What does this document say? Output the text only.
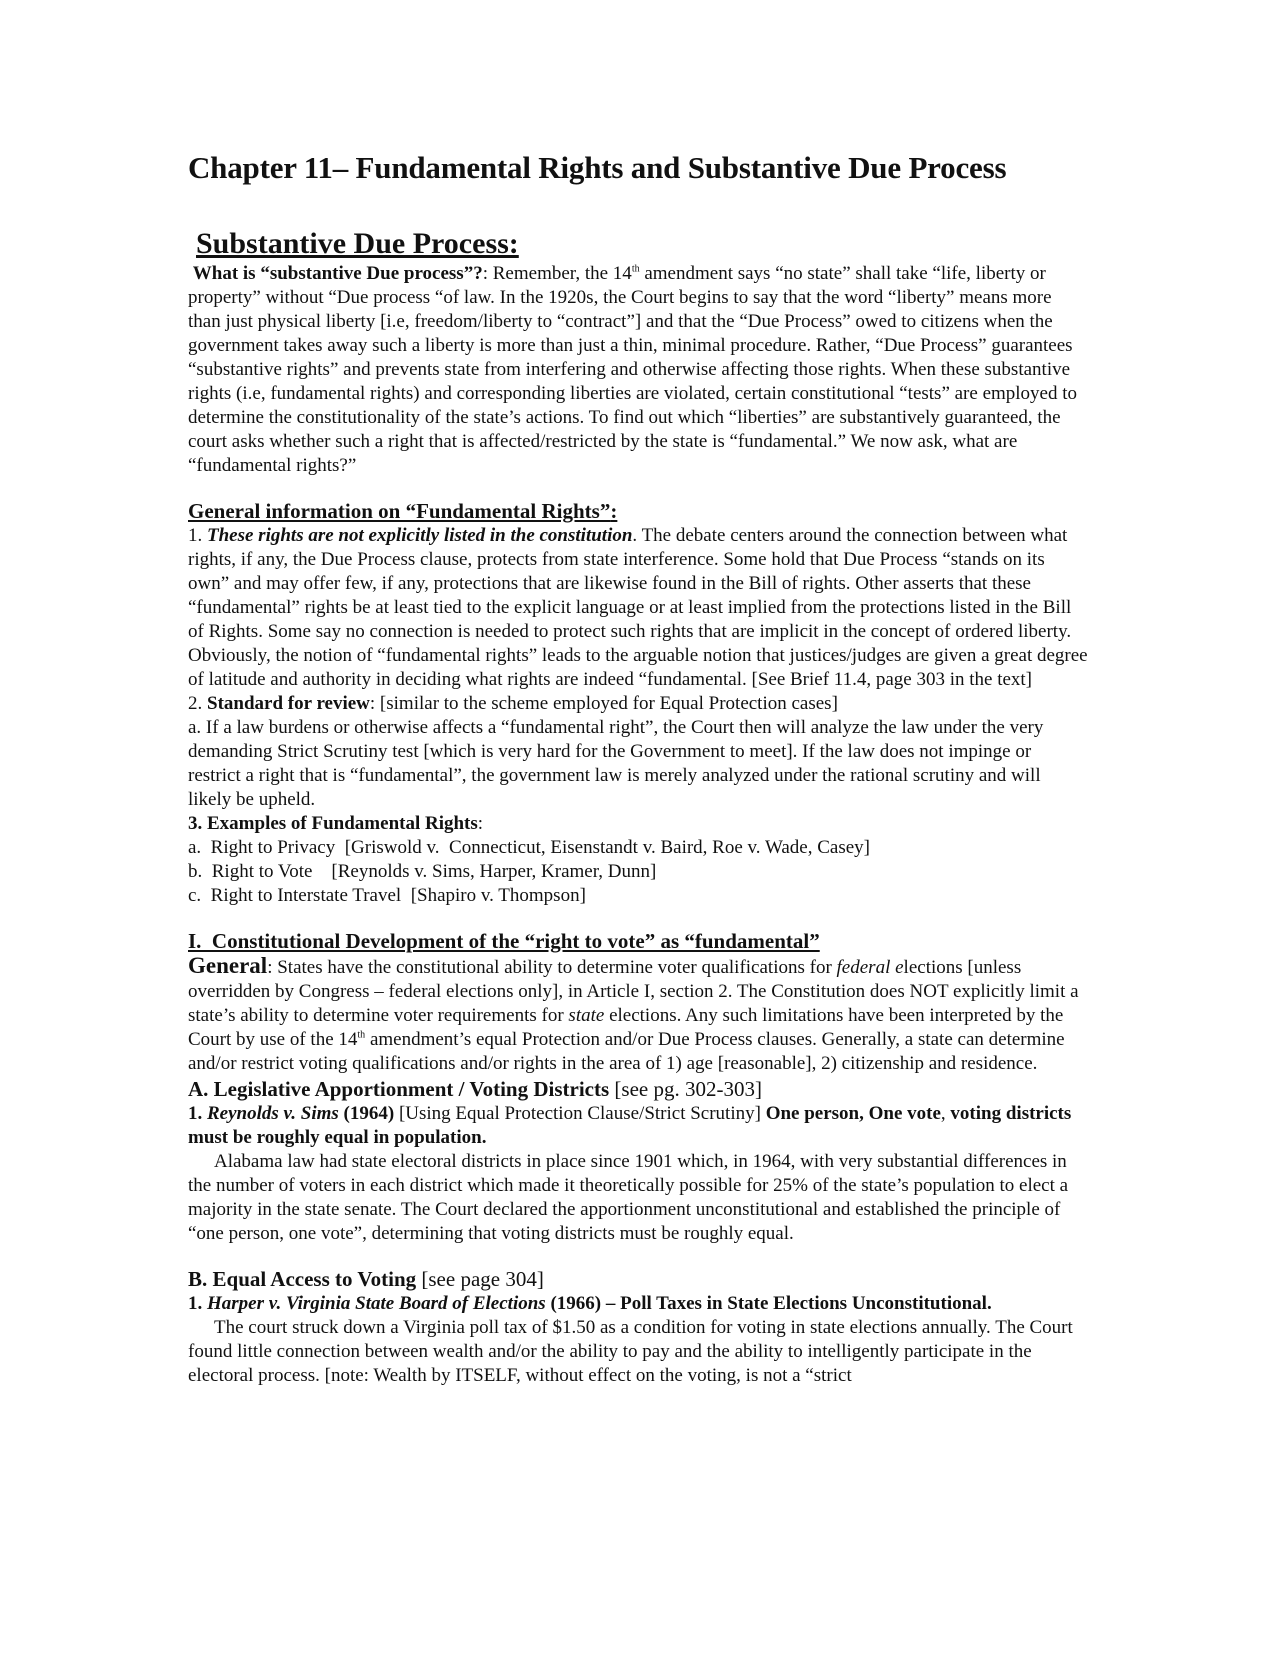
Chapter 11– Fundamental Rights and Substantive Due Process
Substantive Due Process:

What is “substantive Due process”?: Remember, the 14th amendment says “no state” shall take “life, liberty or property” without “Due process “of law. In the 1920s, the Court begins to say that the word “liberty” means more than just physical liberty [i.e, freedom/liberty to “contract”] and that the “Due Process” owed to citizens when the government takes away such a liberty is more than just a thin, minimal procedure. Rather, “Due Process” guarantees “substantive rights” and prevents state from interfering and otherwise affecting those rights. When these substantive rights (i.e, fundamental rights) and corresponding liberties are violated, certain constitutional “tests” are employed to determine the constitutionality of the state’s actions. To find out which “liberties” are substantively guaranteed, the court asks whether such a right that is affected/restricted by the state is “fundamental.” We now ask, what are “fundamental rights?”

General information on “Fundamental Rights”:

1. These rights are not explicitly listed in the constitution. The debate centers around the connection between what rights, if any, the Due Process clause, protects from state interference. Some hold that Due Process “stands on its own” and may offer few, if any, protections that are likewise found in the Bill of rights. Other asserts that these “fundamental” rights be at least tied to the explicit language or at least implied from the protections listed in the Bill of Rights. Some say no connection is needed to protect such rights that are implicit in the concept of ordered liberty. Obviously, the notion of “fundamental rights” leads to the arguable notion that justices/judges are given a great degree of latitude and authority in deciding what rights are indeed “fundamental. [See Brief 11.4, page 303 in the text]

2. Standard for review: [similar to the scheme employed for Equal Protection cases]

a. If a law burdens or otherwise affects a “fundamental right”, the Court then will analyze the law under the very demanding Strict Scrutiny test [which is very hard for the Government to meet]. If the law does not impinge or restrict a right that is “fundamental”, the government law is merely analyzed under the rational scrutiny and will likely be upheld.

3. Examples of Fundamental Rights:

a.  Right to Privacy  [Griswold v.  Connecticut, Eisenstandt v. Baird, Roe v. Wade, Casey]

b.  Right to Vote    [Reynolds v. Sims, Harper, Kramer, Dunn]

c.  Right to Interstate Travel  [Shapiro v. Thompson]

I.  Constitutional Development of the “right to vote” as “fundamental”

General: States have the constitutional ability to determine voter qualifications for federal elections [unless overridden by Congress – federal elections only], in Article I, section 2. The Constitution does NOT explicitly limit a state’s ability to determine voter requirements for state elections. Any such limitations have been interpreted by the Court by use of the 14th amendment’s equal Protection and/or Due Process clauses. Generally, a state can determine and/or restrict voting qualifications and/or rights in the area of 1) age [reasonable], 2) citizenship and residence.

A. Legislative Apportionment / Voting Districts [see pg. 302-303]

1. Reynolds v. Sims (1964) [Using Equal Protection Clause/Strict Scrutiny] One person, One vote, voting districts must be roughly equal in population.

Alabama law had state electoral districts in place since 1901 which, in 1964, with very substantial differences in the number of voters in each district which made it theoretically possible for 25% of the state’s population to elect a majority in the state senate. The Court declared the apportionment unconstitutional and established the principle of “one person, one vote”, determining that voting districts must be roughly equal.

B. Equal Access to Voting [see page 304]

1. Harper v. Virginia State Board of Elections (1966) – Poll Taxes in State Elections Unconstitutional.

The court struck down a Virginia poll tax of $1.50 as a condition for voting in state elections annually. The Court found little connection between wealth and/or the ability to pay and the ability to intelligently participate in the electoral process. [note: Wealth by ITSELF, without effect on the voting, is not a “strict
